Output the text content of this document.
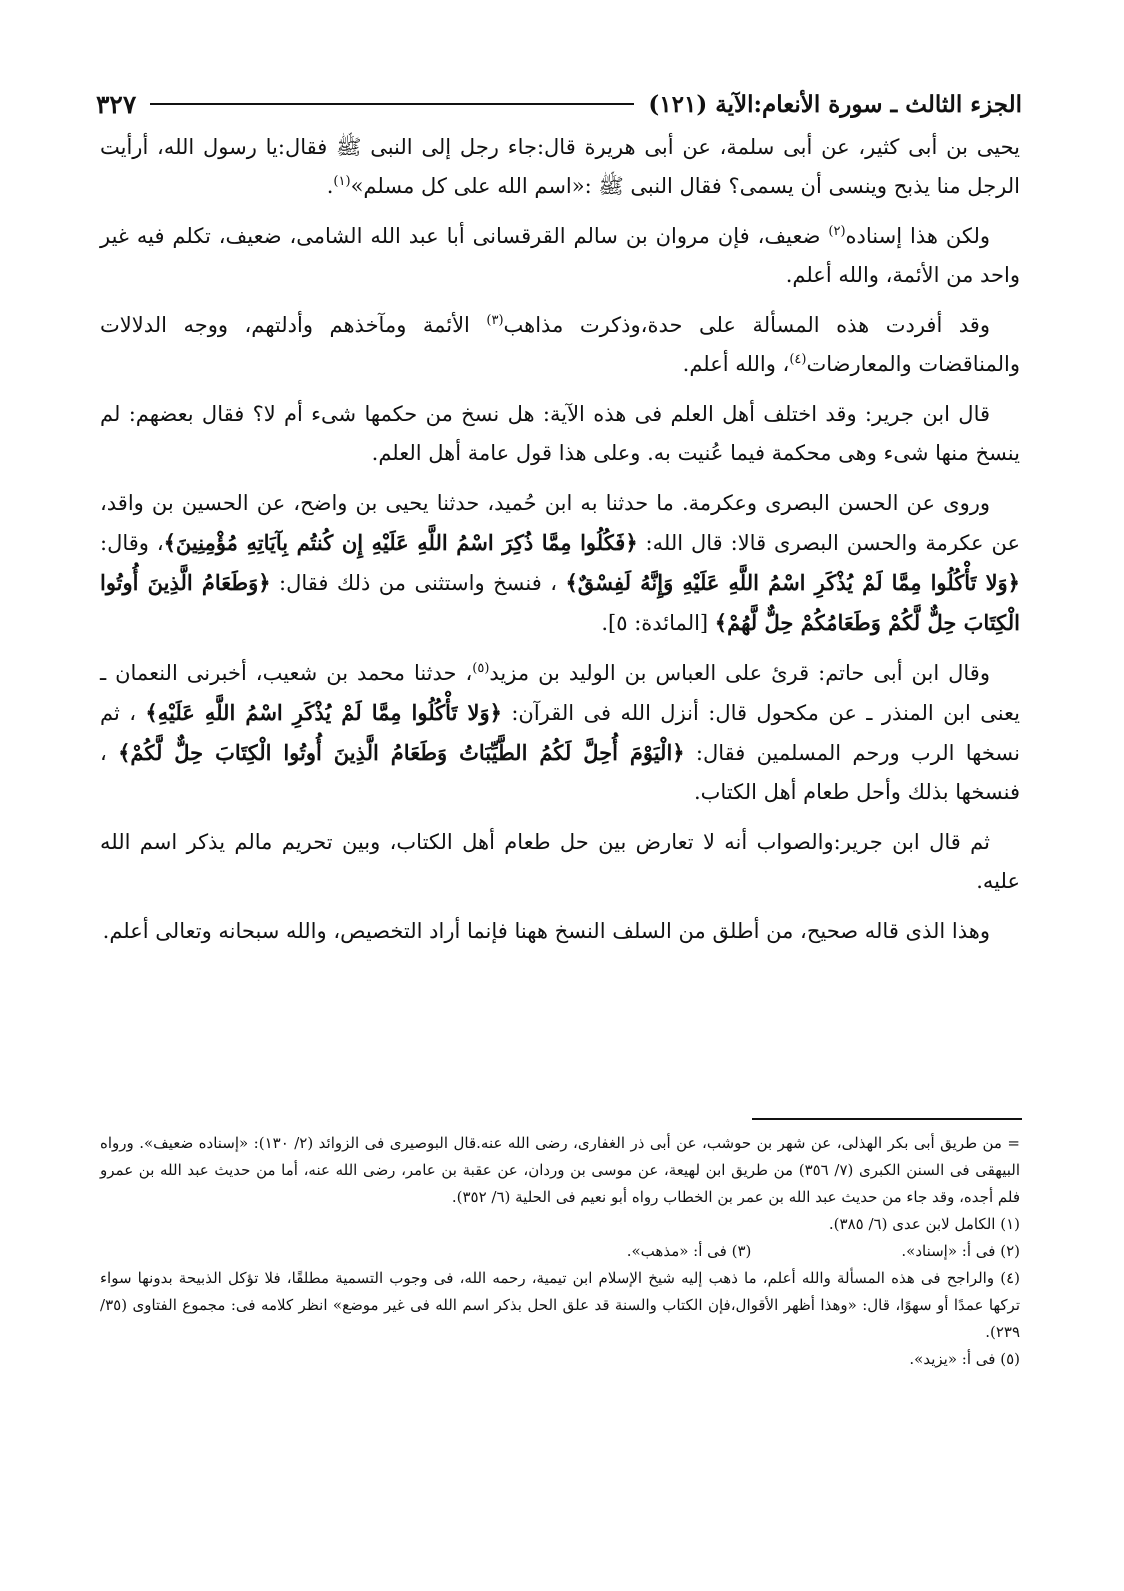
الجزء الثالث ـ سورة الأنعام:الآية (١٢١)
٣٢٧

يحيى بن أبى كثير، عن أبى سلمة، عن أبى هريرة قال:جاء رجل إلى النبى ﷺ فقال:يا رسول الله، أرأيت الرجل منا يذبح وينسى أن يسمى؟ فقال النبى ﷺ :«اسم الله على كل مسلم»$^{(١)}$.

ولكن هذا إسناده$^{(٢)}$ ضعيف، فإن مروان بن سالم القرقسانى أبا عبد الله الشامى، ضعيف، تكلم فيه غير واحد من الأئمة، والله أعلم.

وقد أفردت هذه المسألة على حدة،وذكرت مذاهب$^{(٣)}$ الأئمة ومآخذهم وأدلتهم، ووجه الدلالات والمناقضات والمعارضات$^{(٤)}$، والله أعلم.

قال ابن جرير: وقد اختلف أهل العلم فى هذه الآية: هل نسخ من حكمها شىء أم لا؟ فقال بعضهم: لم ينسخ منها شىء وهى محكمة فيما عُنيت به. وعلى هذا قول عامة أهل العلم.

وروى عن الحسن البصرى وعكرمة. ما حدثنا به ابن حُميد، حدثنا يحيى بن واضح، عن الحسين بن واقد، عن عكرمة والحسن البصرى قالا: قال الله: ﴿فَكُلُوا مِمَّا ذُكِرَ اسْمُ اللَّهِ عَلَيْهِ إِن كُنتُم بِآيَاتِهِ مُؤْمِنِينَ﴾، وقال: ﴿وَلا تَأْكُلُوا مِمَّا لَمْ يُذْكَرِ اسْمُ اللَّهِ عَلَيْهِ وَإِنَّهُ لَفِسْقٌ﴾ ، فنسخ واستثنى من ذلك فقال: ﴿وَطَعَامُ الَّذِينَ أُوتُوا الْكِتَابَ حِلٌّ لَّكُمْ وَطَعَامُكُمْ حِلٌّ لَّهُمْ﴾ [المائدة: ٥].

وقال ابن أبى حاتم: قرئ على العباس بن الوليد بن مزيد$^{(٥)}$، حدثنا محمد بن شعيب، أخبرنى النعمان ـ يعنى ابن المنذر ـ عن مكحول قال: أنزل الله فى القرآن: ﴿وَلا تَأْكُلُوا مِمَّا لَمْ يُذْكَرِ اسْمُ اللَّهِ عَلَيْهِ﴾ ، ثم نسخها الرب ورحم المسلمين فقال: ﴿الْيَوْمَ أُحِلَّ لَكُمُ الطَّيِّبَاتُ وَطَعَامُ الَّذِينَ أُوتُوا الْكِتَابَ حِلٌّ لَّكُمْ﴾ ، فنسخها بذلك وأحل طعام أهل الكتاب.

ثم قال ابن جرير:والصواب أنه لا تعارض بين حل طعام أهل الكتاب، وبين تحريم مالم يذكر اسم الله عليه.

وهذا الذى قاله صحيح، من أطلق من السلف النسخ ههنا فإنما أراد التخصيص، والله سبحانه وتعالى أعلم.

= من طريق أبى بكر الهذلى، عن شهر بن حوشب، عن أبى ذر الغفارى، رضى الله عنه.قال البوصيرى فى الزوائد (٢/ ١٣٠): «إسناده ضعيف». ورواه البيهقى فى السنن الكبرى (٧/ ٣٥٦) من طريق ابن لهيعة، عن موسى بن وردان، عن عقبة بن عامر، رضى الله عنه، أما من حديث عبد الله بن عمرو فلم أجده، وقد جاء من حديث عبد الله بن عمر بن الخطاب رواه أبو نعيم فى الحلية (٦/ ٣٥٢).
(١) الكامل لابن عدى (٦/ ٣٨٥).
(٢) فى أ: «إسناد».
(٣) فى أ: «مذهب».
(٤) والراجح فى هذه المسألة والله أعلم، ما ذهب إليه شيخ الإسلام ابن تيمية، رحمه الله، فى وجوب التسمية مطلقًا، فلا تؤكل الذبيحة بدونها سواء تركها عمدًا أو سهوًا، قال: «وهذا أظهر الأقوال،فإن الكتاب والسنة قد علق الحل بذكر اسم الله فى غير موضع» انظر كلامه فى: مجموع الفتاوى (٣٥/ ٢٣٩).
(٥) فى أ: «يزيد».
